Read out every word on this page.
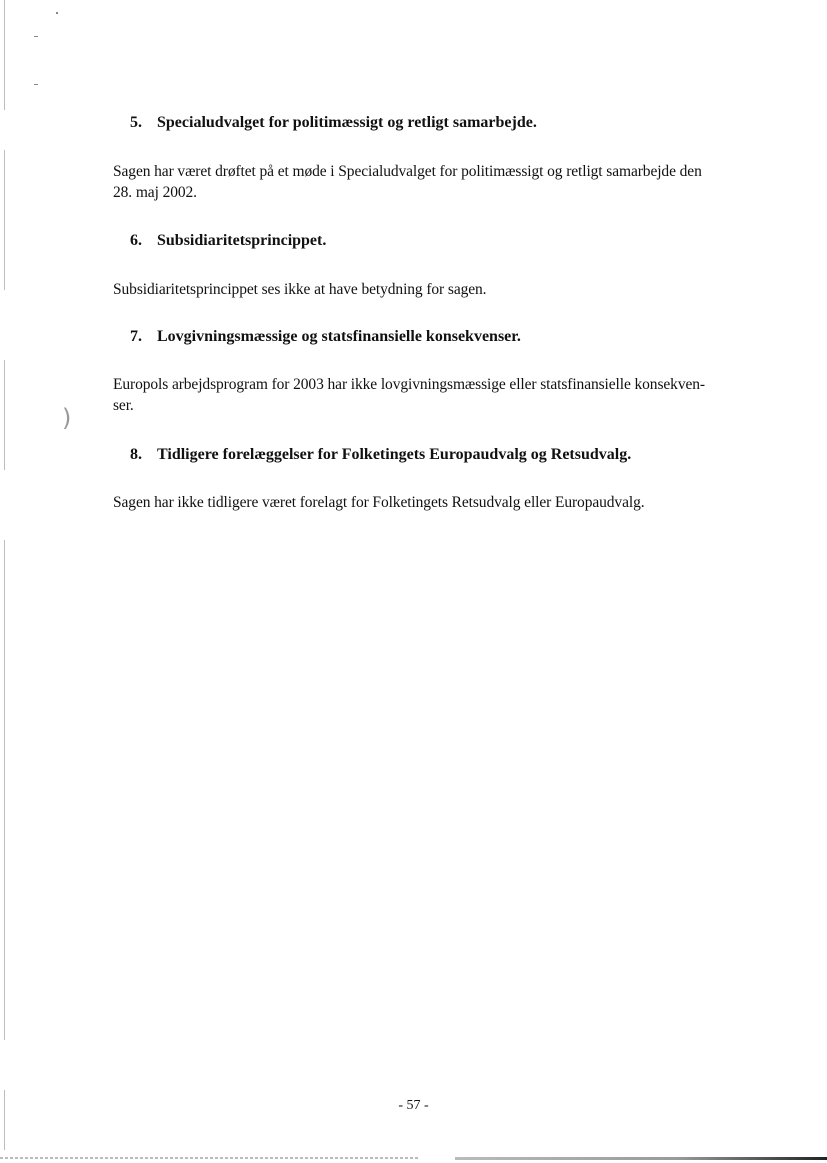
)
5. Specialudvalget for politimæssigt og retligt samarbejde.
Sagen har været drøftet på et møde i Specialudvalget for politimæssigt og retligt samarbejde den
28. maj 2002.
6. Subsidiaritetsprincippet.
Subsidiaritetsprincippet ses ikke at have betydning for sagen.
7. Lovgivningsmæssige og statsfinansielle konsekvenser.
Europols arbejdsprogram for 2003 har ikke lovgivningsmæssige eller statsfinansielle konsekven-
ser.
8. Tidligere forelæggelser for Folketingets Europaudvalg og Retsudvalg.
Sagen har ikke tidligere været forelagt for Folketingets Retsudvalg eller Europaudvalg.
- 57 -
